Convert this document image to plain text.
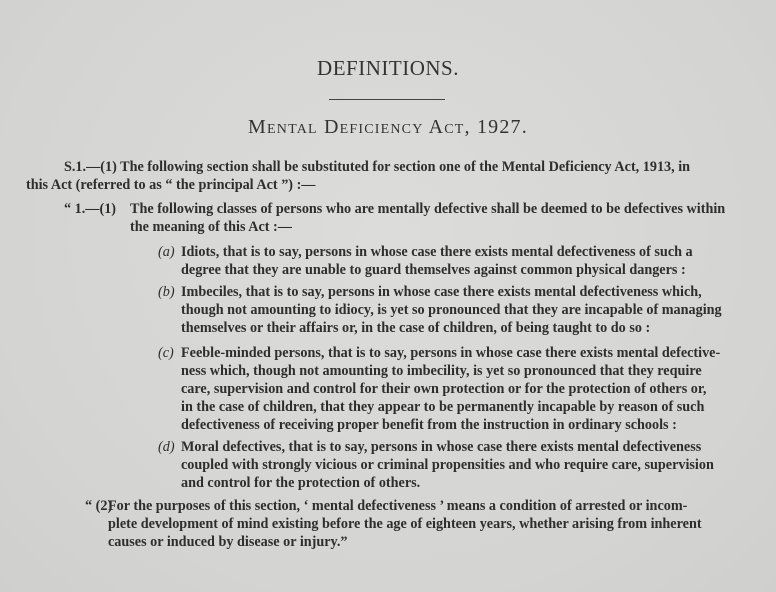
DEFINITIONS.
Mental Deficiency Act, 1927.
S.1.—(1) The following section shall be substituted for section one of the Mental Deficiency Act, 1913, in
this Act (referred to as “ the principal Act ”) :—
“ 1.—(1) The following classes of persons who are mentally defective shall be deemed to be defectives within
the meaning of this Act :—
(a) Idiots, that is to say, persons in whose case there exists mental defectiveness of such a
degree that they are unable to guard themselves against common physical dangers :
(b) Imbeciles, that is to say, persons in whose case there exists mental defectiveness which,
though not amounting to idiocy, is yet so pronounced that they are incapable of managing
themselves or their affairs or, in the case of children, of being taught to do so :
(c) Feeble-minded persons, that is to say, persons in whose case there exists mental defective-
ness which, though not amounting to imbecility, is yet so pronounced that they require
care, supervision and control for their own protection or for the protection of others or,
in the case of children, that they appear to be permanently incapable by reason of such
defectiveness of receiving proper benefit from the instruction in ordinary schools :
(d) Moral defectives, that is to say, persons in whose case there exists mental defectiveness
coupled with strongly vicious or criminal propensities and who require care, supervision
and control for the protection of others.
“ (2)
For the purposes of this section, ‘ mental defectiveness ’ means a condition of arrested or incom-
plete development of mind existing before the age of eighteen years, whether arising from inherent
causes or induced by disease or injury.”
